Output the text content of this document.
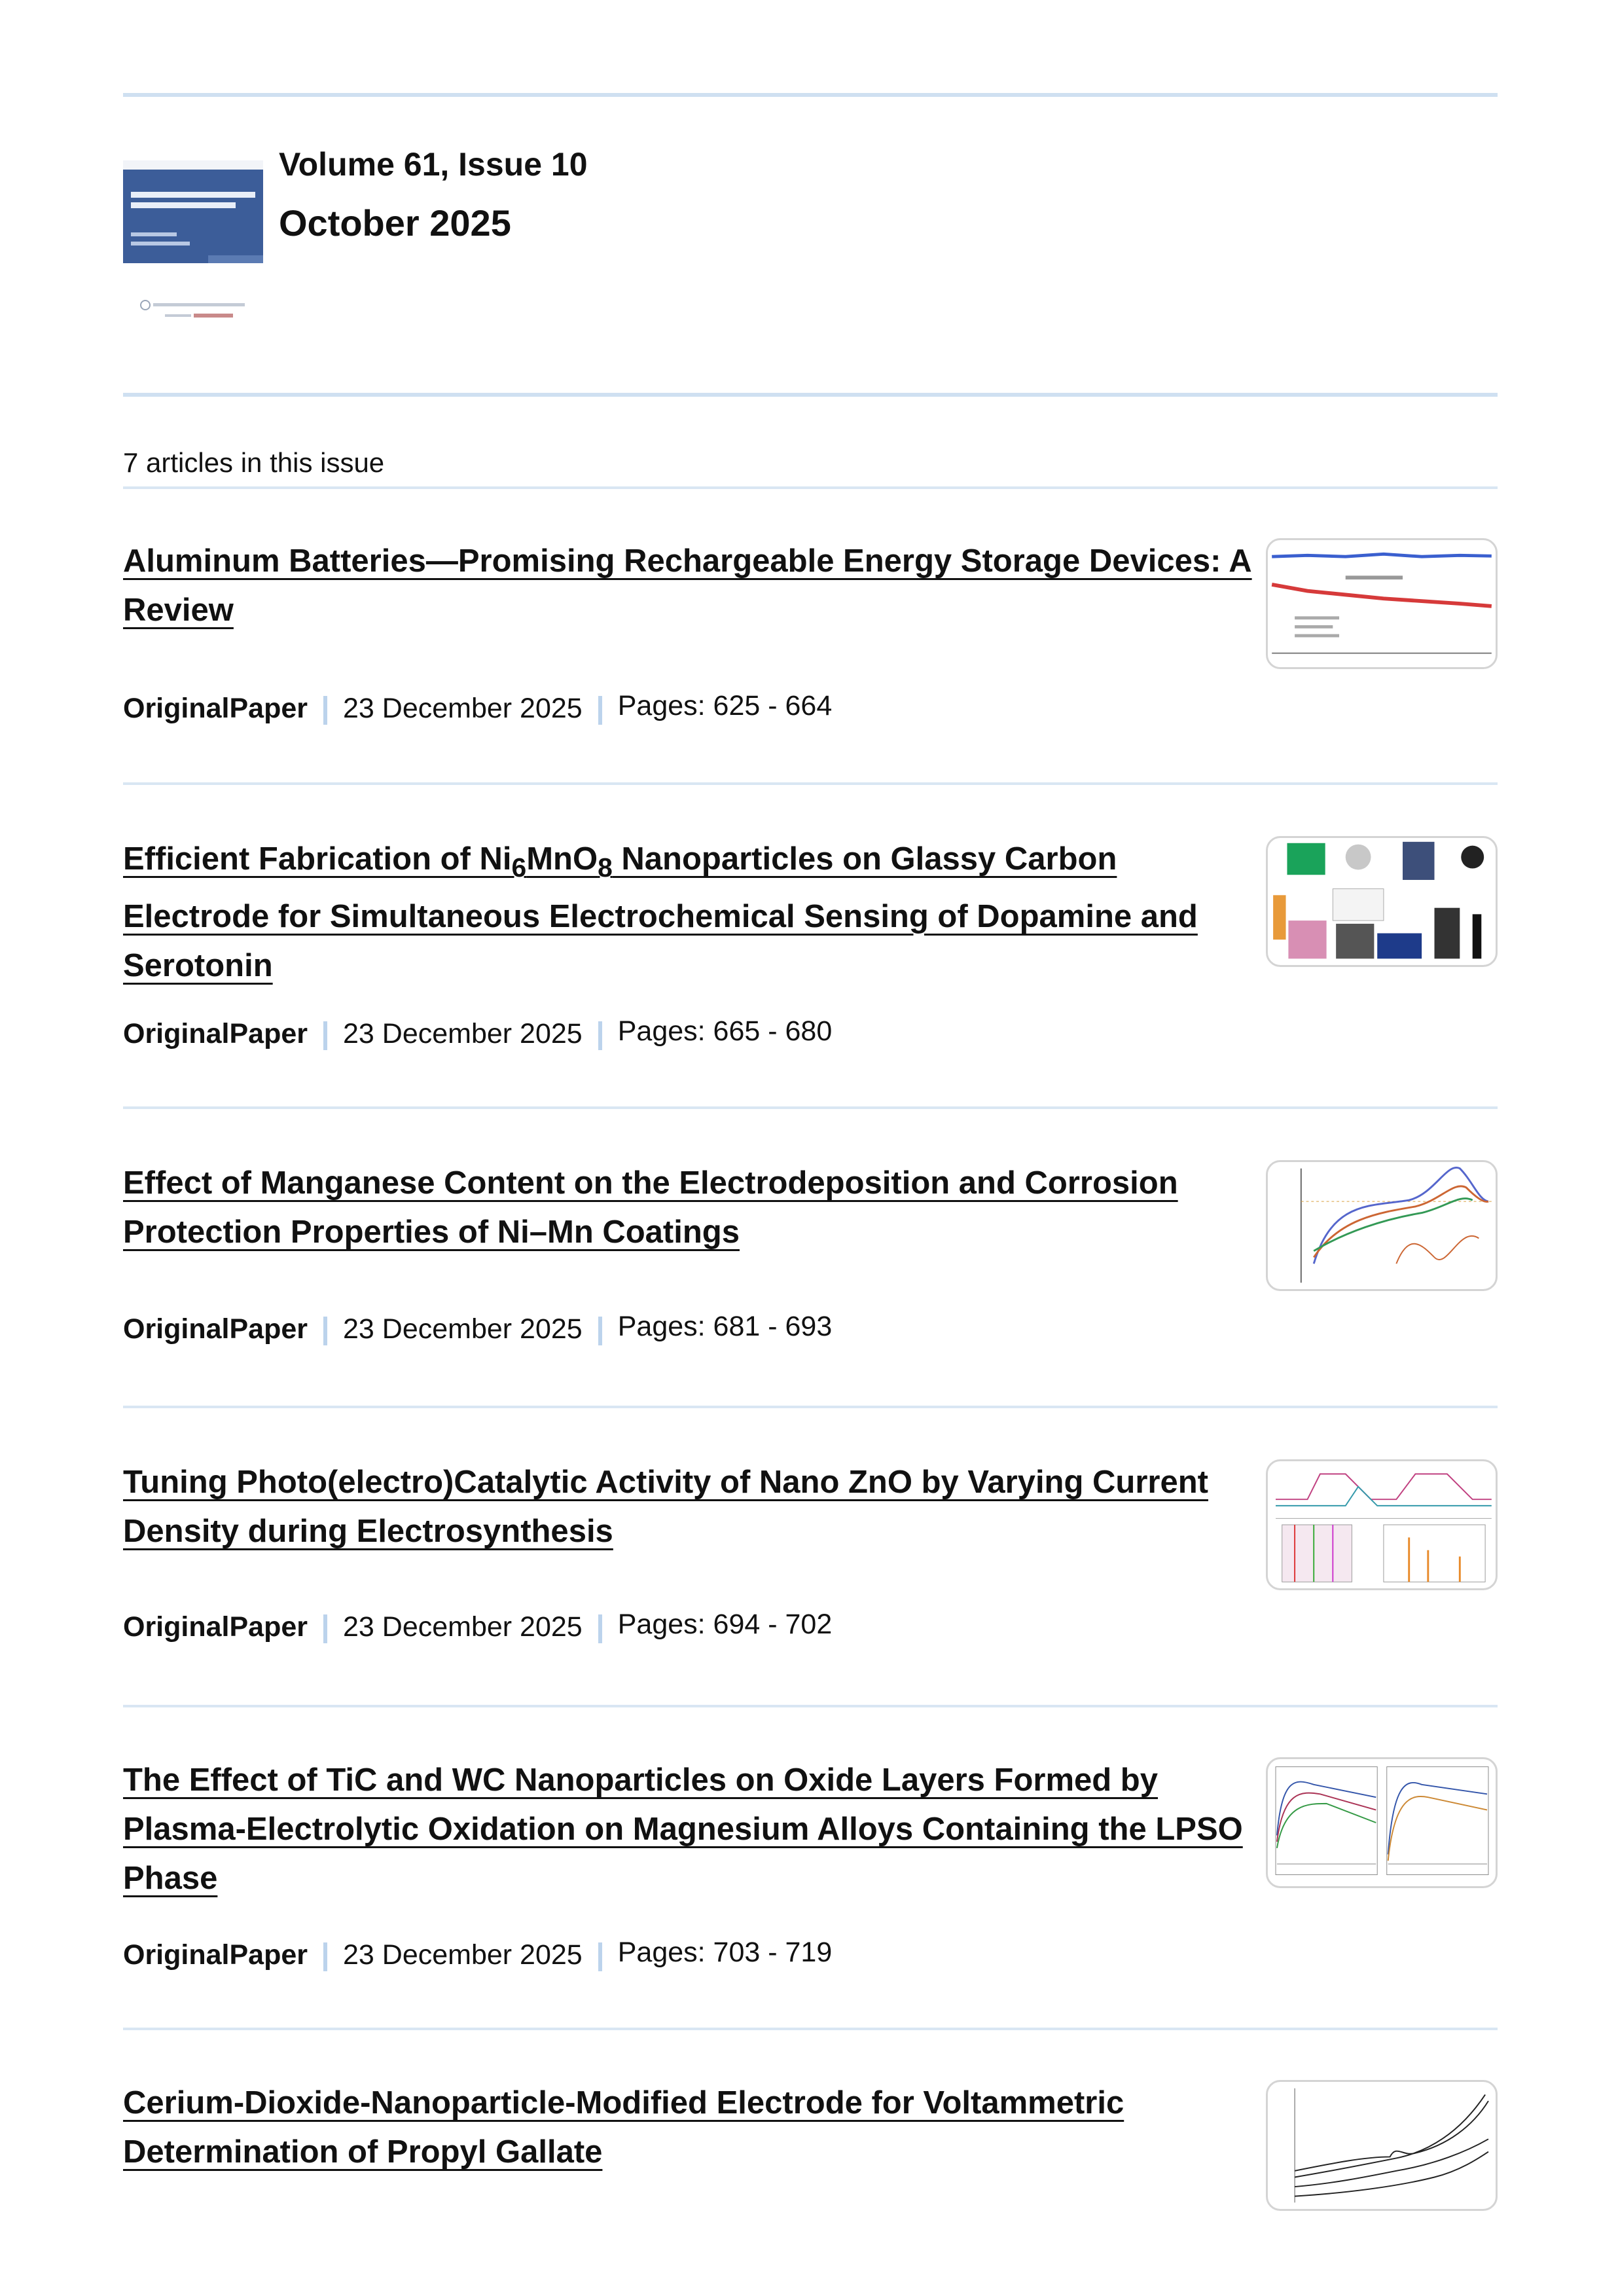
Volume 61, Issue 10
October 2025
7 articles in this issue
Aluminum Batteries—Promising Rechargeable Energy Storage Devices: A Review
OriginalPaper 23 December 2025 Pages: 625 - 664
Efficient Fabrication of $Ni_6MnO_8$ Nanoparticles on Glassy Carbon Electrode for Simultaneous Electrochemical Sensing of Dopamine and Serotonin
OriginalPaper 23 December 2025 Pages: 665 - 680
Effect of Manganese Content on the Electrodeposition and Corrosion Protection Properties of Ni–Mn Coatings
OriginalPaper 23 December 2025 Pages: 681 - 693
Tuning Photo(electro)Catalytic Activity of Nano ZnO by Varying Current Density during Electrosynthesis
OriginalPaper 23 December 2025 Pages: 694 - 702
The Effect of TiC and WC Nanoparticles on Oxide Layers Formed by Plasma-Electrolytic Oxidation on Magnesium Alloys Containing the LPSO Phase
OriginalPaper 23 December 2025 Pages: 703 - 719
Cerium-Dioxide-Nanoparticle-Modified Electrode for Voltammetric Determination of Propyl Gallate
